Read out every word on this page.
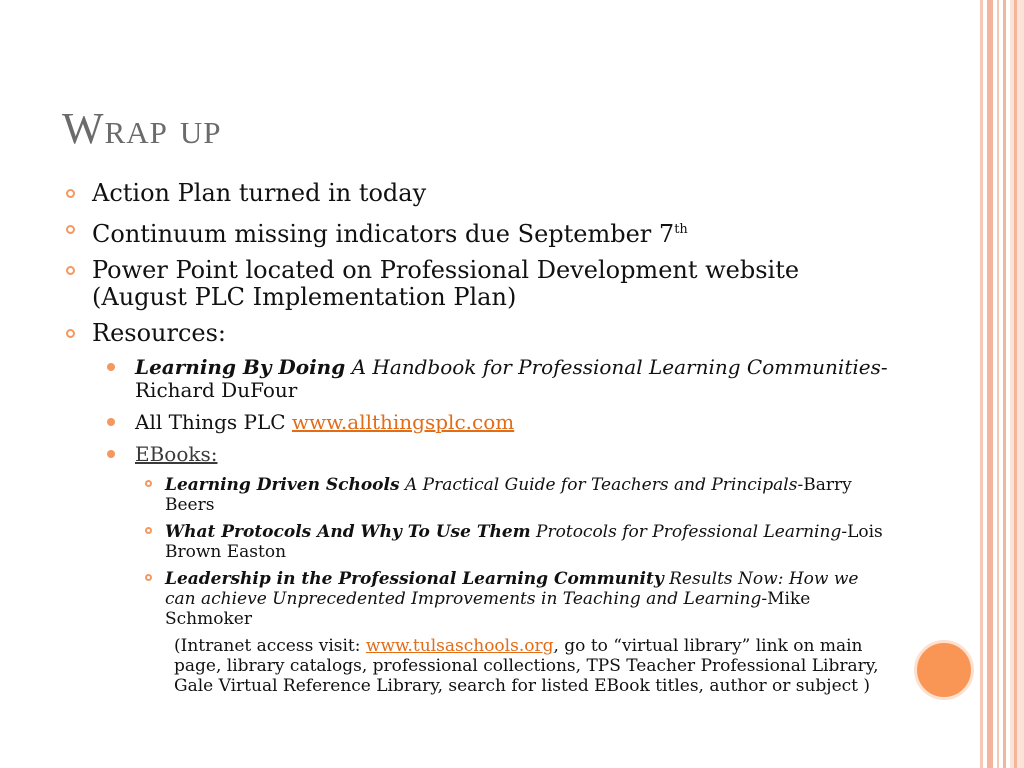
Wrap up

Action Plan turned in today

Continuum missing indicators due September 7th

Power Point located on Professional Development website (August PLC Implementation Plan)

Resources:

Learning By Doing A Handbook for Professional Learning Communities-Richard DuFour

All Things PLC www.allthingsplc.com

EBooks:

Learning Driven Schools A Practical Guide for Teachers and Principals-Barry Beers

What Protocols And Why To Use Them Protocols for Professional Learning-Lois Brown Easton

Leadership in the Professional Learning Community Results Now: How we can achieve Unprecedented Improvements in Teaching and Learning-Mike Schmoker

(Intranet access visit: www.tulsaschools.org, go to “virtual library” link on main page, library catalogs, professional collections, TPS Teacher Professional Library, Gale Virtual Reference Library, search for listed EBook titles, author or subject )
